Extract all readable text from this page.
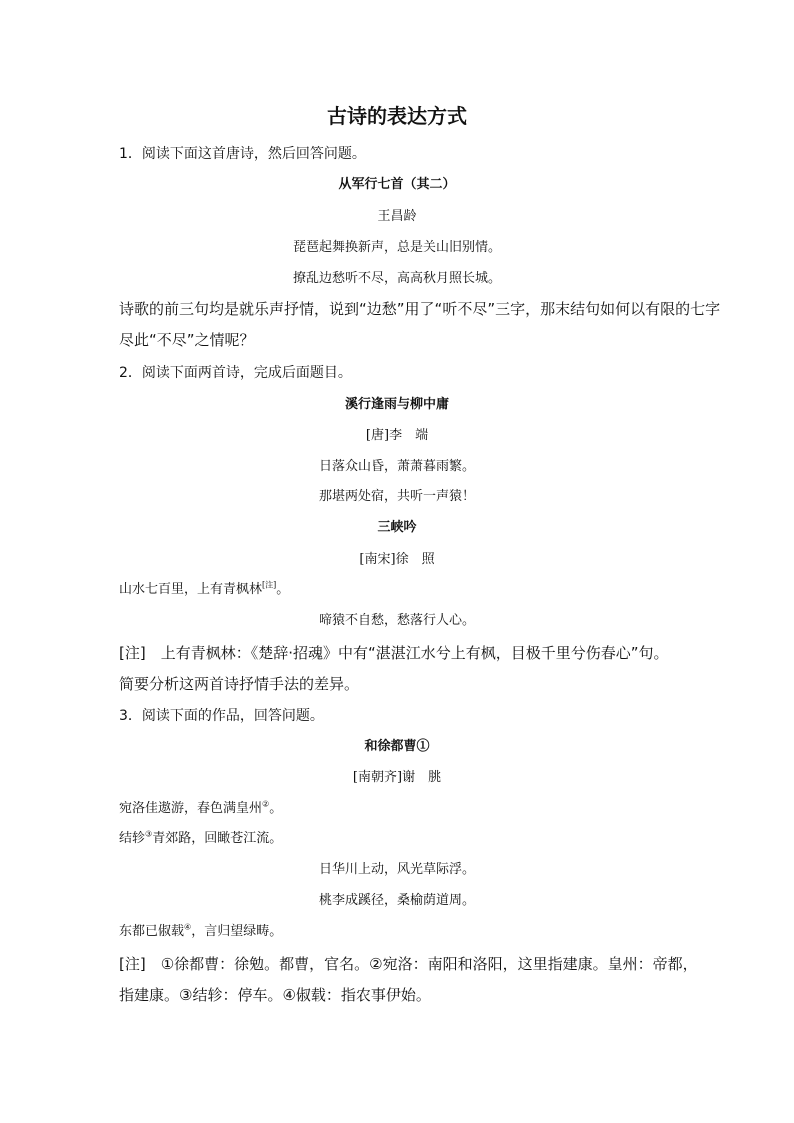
古诗的表达方式
1．阅读下面这首唐诗，然后回答问题。
从军行七首（其二）
王昌龄
琵琶起舞换新声，总是关山旧别情。
撩乱边愁听不尽，高高秋月照长城。
诗歌的前三句均是就乐声抒情，说到“边愁”用了“听不尽”三字，那末结句如何以有限的七字
尽此“不尽”之情呢？
2．阅读下面两首诗，完成后面题目。
溪行逢雨与柳中庸
[唐]李　端
日落众山昏，萧萧暮雨繁。
那堪两处宿，共听一声猿！
三峡吟
[南宋]徐　照
山水七百里，上有青枫林[注]。
啼猿不自愁，愁落行人心。
[注]　上有青枫林：《楚辞·招魂》中有“湛湛江水兮上有枫，目极千里兮伤春心”句。
简要分析这两首诗抒情手法的差异。
3．阅读下面的作品，回答问题。
和徐都曹①
[南朝齐]谢　朓
宛洛佳遨游，春色满皇州②。
结轸③青郊路，回瞰苍江流。
日华川上动，风光草际浮。
桃李成蹊径，桑榆荫道周。
东都已俶载④，言归望绿畴。
[注]　①徐都曹：徐勉。都曹，官名。②宛洛：南阳和洛阳，这里指建康。皇州：帝都，
指建康。③结轸：停车。④俶载：指农事伊始。
